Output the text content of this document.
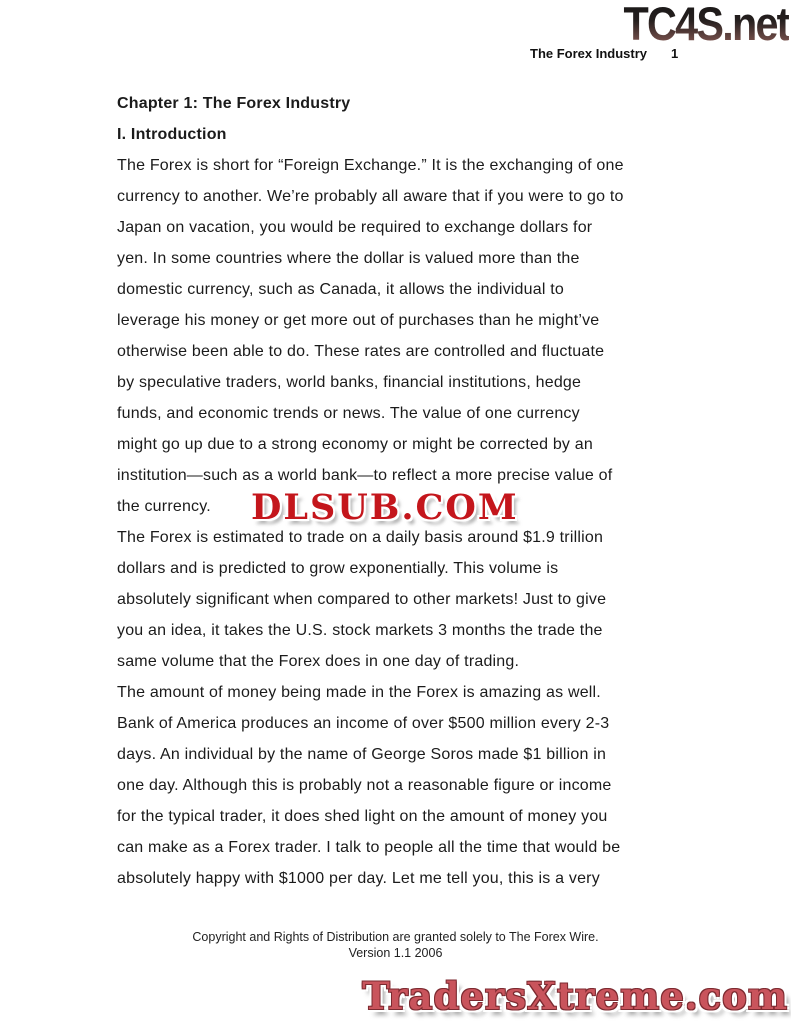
TC4S.net
The Forex Industry 1
Chapter 1: The Forex Industry
I. Introduction
The Forex is short for “Foreign Exchange.” It is the exchanging of one
currency to another. We’re probably all aware that if you were to go to
Japan on vacation, you would be required to exchange dollars for
yen. In some countries where the dollar is valued more than the
domestic currency, such as Canada, it allows the individual to
leverage his money or get more out of purchases than he might’ve
otherwise been able to do. These rates are controlled and fluctuate
by speculative traders, world banks, financial institutions, hedge
funds, and economic trends or news. The value of one currency
might go up due to a strong economy or might be corrected by an
institution—such as a world bank—to reflect a more precise value of
the currency.
The Forex is estimated to trade on a daily basis around $1.9 trillion
dollars and is predicted to grow exponentially. This volume is
absolutely significant when compared to other markets! Just to give
you an idea, it takes the U.S. stock markets 3 months the trade the
same volume that the Forex does in one day of trading.
The amount of money being made in the Forex is amazing as well.
Bank of America produces an income of over $500 million every 2-3
days. An individual by the name of George Soros made $1 billion in
one day. Although this is probably not a reasonable figure or income
for the typical trader, it does shed light on the amount of money you
can make as a Forex trader. I talk to people all the time that would be
absolutely happy with $1000 per day. Let me tell you, this is a very
DLSUB.COM
Copyright and Rights of Distribution are granted solely to The Forex Wire.
Version 1.1 2006
TradersXtreme.com
